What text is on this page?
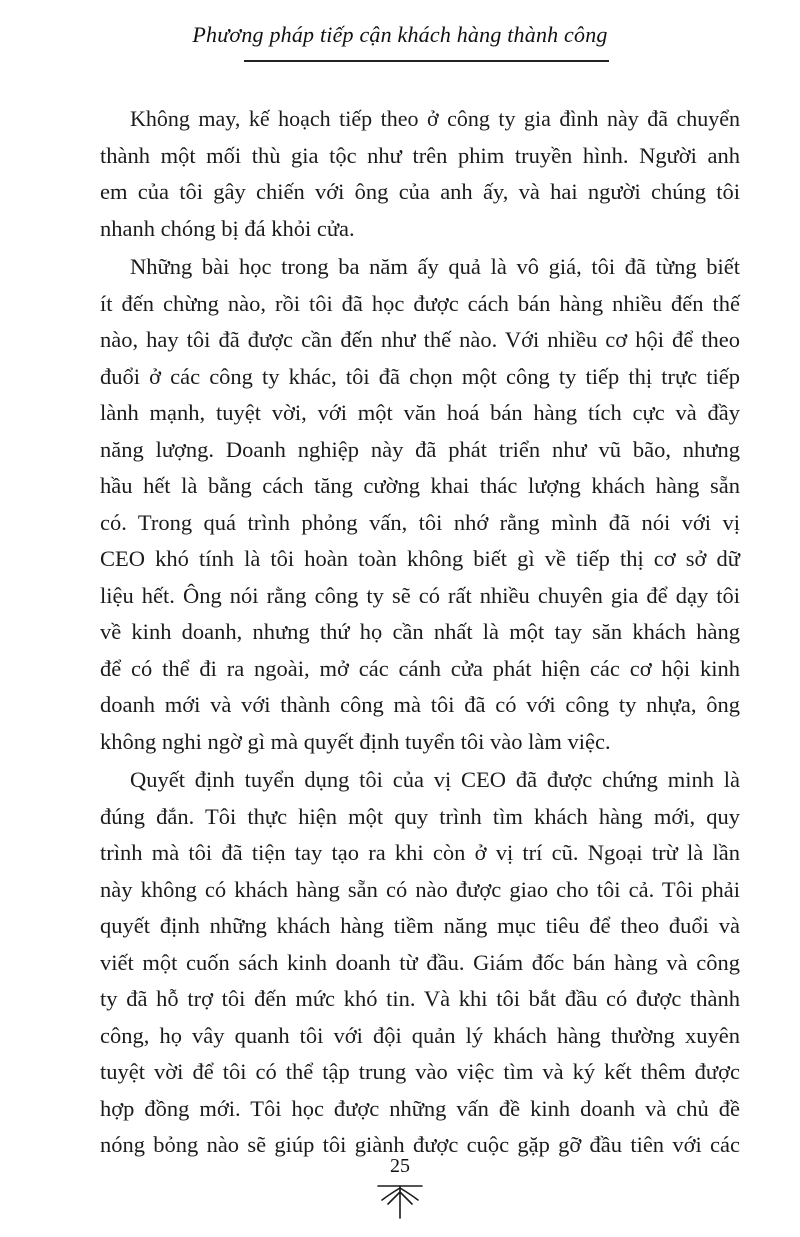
Phương pháp tiếp cận khách hàng thành công
Không may, kế hoạch tiếp theo ở công ty gia đình này đã chuyển
thành một mối thù gia tộc như trên phim truyền hình. Người anh
em của tôi gây chiến với ông của anh ấy, và hai người chúng tôi
nhanh chóng bị đá khỏi cửa.
Những bài học trong ba năm ấy quả là vô giá, tôi đã từng biết
ít đến chừng nào, rồi tôi đã học được cách bán hàng nhiều đến thế
nào, hay tôi đã được cần đến như thế nào. Với nhiều cơ hội để theo
đuổi ở các công ty khác, tôi đã chọn một công ty tiếp thị trực tiếp
lành mạnh, tuyệt vời, với một văn hoá bán hàng tích cực và đầy
năng lượng. Doanh nghiệp này đã phát triển như vũ bão, nhưng
hầu hết là bằng cách tăng cường khai thác lượng khách hàng sẵn
có. Trong quá trình phỏng vấn, tôi nhớ rằng mình đã nói với vị
CEO khó tính là tôi hoàn toàn không biết gì về tiếp thị cơ sở dữ
liệu hết. Ông nói rằng công ty sẽ có rất nhiều chuyên gia để dạy tôi
về kinh doanh, nhưng thứ họ cần nhất là một tay săn khách hàng
để có thể đi ra ngoài, mở các cánh cửa phát hiện các cơ hội kinh
doanh mới và với thành công mà tôi đã có với công ty nhựa, ông
không nghi ngờ gì mà quyết định tuyển tôi vào làm việc.
Quyết định tuyển dụng tôi của vị CEO đã được chứng minh là
đúng đắn. Tôi thực hiện một quy trình tìm khách hàng mới, quy
trình mà tôi đã tiện tay tạo ra khi còn ở vị trí cũ. Ngoại trừ là lần
này không có khách hàng sẵn có nào được giao cho tôi cả. Tôi phải
quyết định những khách hàng tiềm năng mục tiêu để theo đuổi và
viết một cuốn sách kinh doanh từ đầu. Giám đốc bán hàng và công
ty đã hỗ trợ tôi đến mức khó tin. Và khi tôi bắt đầu có được thành
công, họ vây quanh tôi với đội quản lý khách hàng thường xuyên
tuyệt vời để tôi có thể tập trung vào việc tìm và ký kết thêm được
hợp đồng mới. Tôi học được những vấn đề kinh doanh và chủ đề
nóng bỏng nào sẽ giúp tôi giành được cuộc gặp gỡ đầu tiên với các
25
